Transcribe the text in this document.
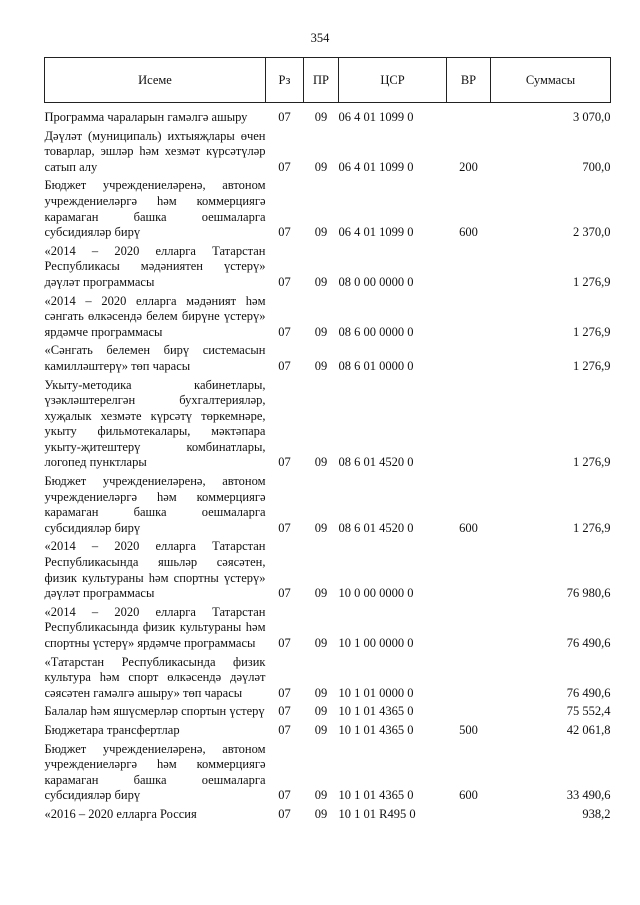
354
Исеме	Рз	ПР	ЦСР	ВР	Суммасы

Программа чараларын гамәлгә ашыру	07	09	06 4 01 1099 0		3 070,0
Дәүләт (муниципаль) ихтыяҗлары өчен товарлар, эшләр һәм хезмәт күрсәтүләр сатып алу	07	09	06 4 01 1099 0	200	700,0
Бюджет учреждениеләренә, автоном учреждениеләргә һәм коммерциягә карамаган башка оешмаларга субсидияләр бирү	07	09	06 4 01 1099 0	600	2 370,0
«2014 – 2020 елларга Татарстан Республикасы мәдәниятен үстерү» дәүләт программасы	07	09	08 0 00 0000 0		1 276,9
«2014 – 2020 елларга мәдәният һәм сәнгать өлкәсендә белем бирүне үстерү» ярдәмче программасы	07	09	08 6 00 0000 0		1 276,9
«Сәнгать белемен бирү системасын камилләштерү» төп чарасы	07	09	08 6 01 0000 0		1 276,9
Укыту-методика кабинетлары, үзәкләштерелгән бухгалтерияләр, хуҗалык хезмәте күрсәтү төркемнәре, укыту фильмотекалары, мәктәпара укыту-җитештерү комбинатлары, логопед пунктлары	07	09	08 6 01 4520 0		1 276,9
Бюджет учреждениеләренә, автоном учреждениеләргә һәм коммерциягә карамаган башка оешмаларга субсидияләр бирү	07	09	08 6 01 4520 0	600	1 276,9
«2014 – 2020 елларга Татарстан Республикасында яшьләр сәясәтен, физик культураны һәм спортны үстерү» дәүләт программасы	07	09	10 0 00 0000 0		76 980,6
«2014 – 2020 елларга Татарстан Республикасында физик культураны һәм спортны үстерү» ярдәмче программасы	07	09	10 1 00 0000 0		76 490,6
«Татарстан Республикасында физик культура һәм спорт өлкәсендә дәүләт сәясәтен гамәлгә ашыру» төп чарасы	07	09	10 1 01 0000 0		76 490,6
Балалар һәм яшүсмерләр спортын үстерү	07	09	10 1 01 4365 0		75 552,4
Бюджетара трансфертлар	07	09	10 1 01 4365 0	500	42 061,8
Бюджет учреждениеләренә, автоном учреждениеләргә һәм коммерциягә карамаган башка оешмаларга субсидияләр бирү	07	09	10 1 01 4365 0	600	33 490,6
«2016 – 2020 елларга Россия	07	09	10 1 01 R495 0		938,2
